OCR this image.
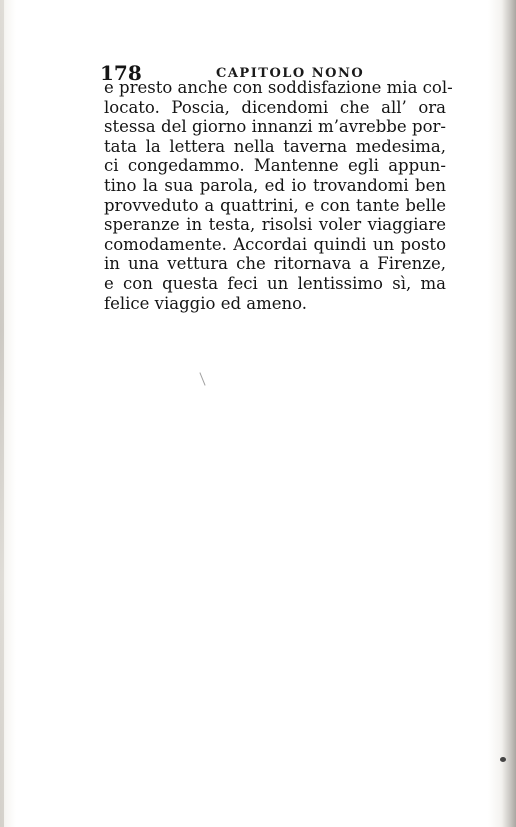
178	CAPITOLO NONO
e presto anche con soddisfazione mia col-
locato. Poscia, dicendomi che all’ ora
stessa del giorno innanzi m’avrebbe por-
tata la lettera nella taverna medesima,
ci congedammo. Mantenne egli appun-
tino la sua parola, ed io trovandomi ben
provveduto a quattrini, e con tante belle
speranze in testa, risolsi voler viaggiare
comodamente. Accordai quindi un posto
in una vettura che ritornava a Firenze,
e con questa feci un lentissimo sì, ma
felice viaggio ed ameno.
